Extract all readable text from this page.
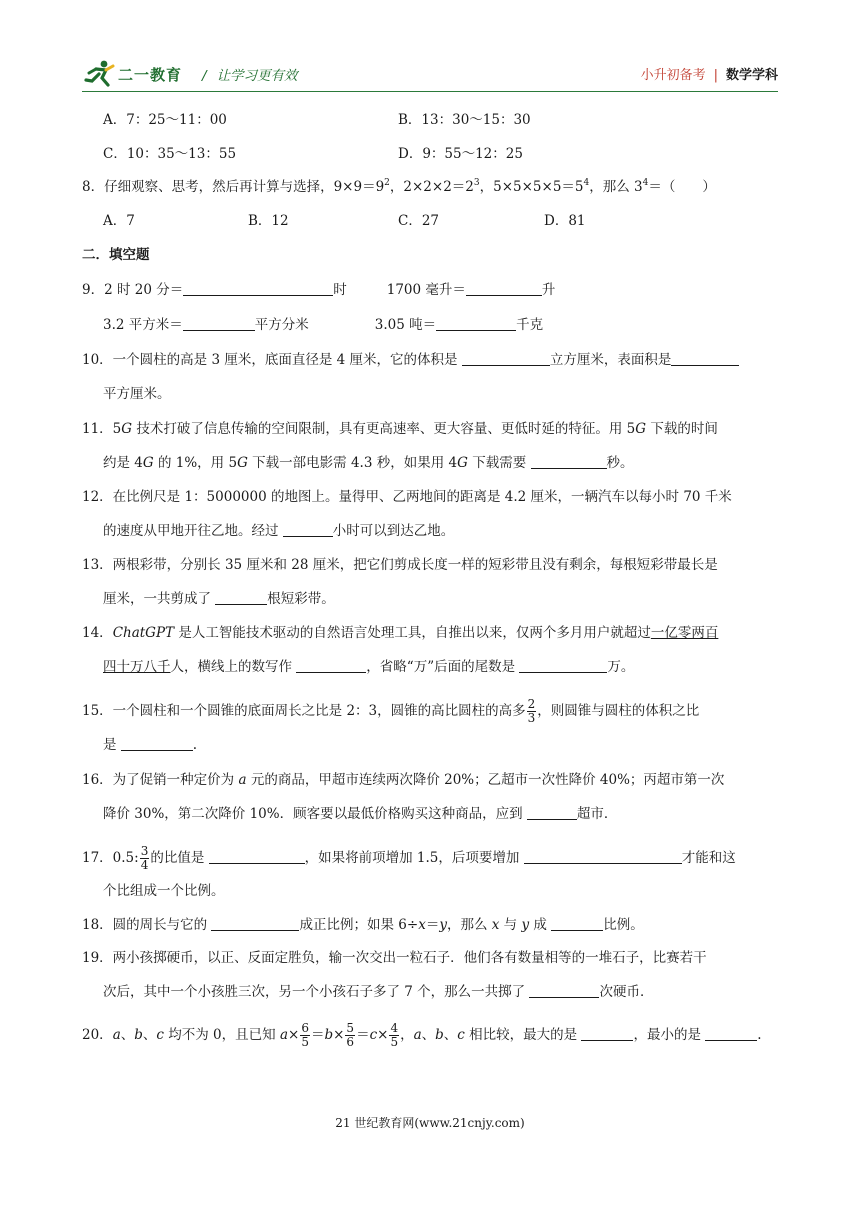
二一教育 / 让学习更有效	小升初备考 | 数学学科
A．7：25～11：00	B．13：30～15：30
C．10：35～13：55	D．9：55～12：25
8．仔细观察、思考，然后再计算与选择，$9\times 9=9^2$，$2\times 2\times 2=2^3$，$5\times 5\times 5\times 5=5^4$，那么 $3^4=$（　　）
A．7	B．12	C．27	D．81
二．填空题
9．2 时 20 分＝	时	1700 毫升＝	升
3.2 平方米＝	平方分米	3.05 吨＝	千克
10．一个圆柱的高是 3 厘米，底面直径是 4 厘米，它的体积是	立方厘米，表面积是
平方厘米。
11．5G 技术打破了信息传输的空间限制，具有更高速率、更大容量、更低时延的特征。用 5G 下载的时间
约是 4G 的 1%，用 5G 下载一部电影需 4.3 秒，如果用 4G 下载需要	秒。
12．在比例尺是 1：5000000 的地图上。量得甲、乙两地间的距离是 4.2 厘米，一辆汽车以每小时 70 千米
的速度从甲地开往乙地。经过	小时可以到达乙地。
13．两根彩带，分别长 35 厘米和 28 厘米，把它们剪成长度一样的短彩带且没有剩余，每根短彩带最长是
厘米，一共剪成了	根短彩带。
14．ChatGPT 是人工智能技术驱动的自然语言处理工具，自推出以来，仅两个多月用户就超过一亿零两百
四十万八千人，横线上的数写作	，省略“万”后面的尾数是	万。
15．一个圆柱和一个圆锥的底面周长之比是 2：3，圆锥的高比圆柱的高多 $\frac{2}{3}$ ，则圆锥与圆柱的体积之比
是	.
16．为了促销一种定价为 a 元的商品，甲超市连续两次降价 20%；乙超市一次性降价 40%；丙超市第一次
降价 30%，第二次降价 10%．顾客要以最低价格购买这种商品，应到	超市．
17．0.5: $\frac{3}{4}$ 的比值是	，如果将前项增加 1.5，后项要增加	才能和这
个比组成一个比例。
18．圆的周长与它的	成正比例；如果 6÷x＝y，那么 x 与 y 成	比例。
19．两小孩掷硬币，以正、反面定胜负，输一次交出一粒石子．他们各有数量相等的一堆石子，比赛若干
次后，其中一个小孩胜三次，另一个小孩石子多了 7 个，那么一共掷了	次硬币．
20．a、b、c 均不为 0，且已知 $a\times \frac{6}{5} =b\times \frac{5}{6} =c\times \frac{4}{5}$ ，a、b、c 相比较，最大的是	，最小的是	.
21 世纪教育网(www.21cnjy.com)
